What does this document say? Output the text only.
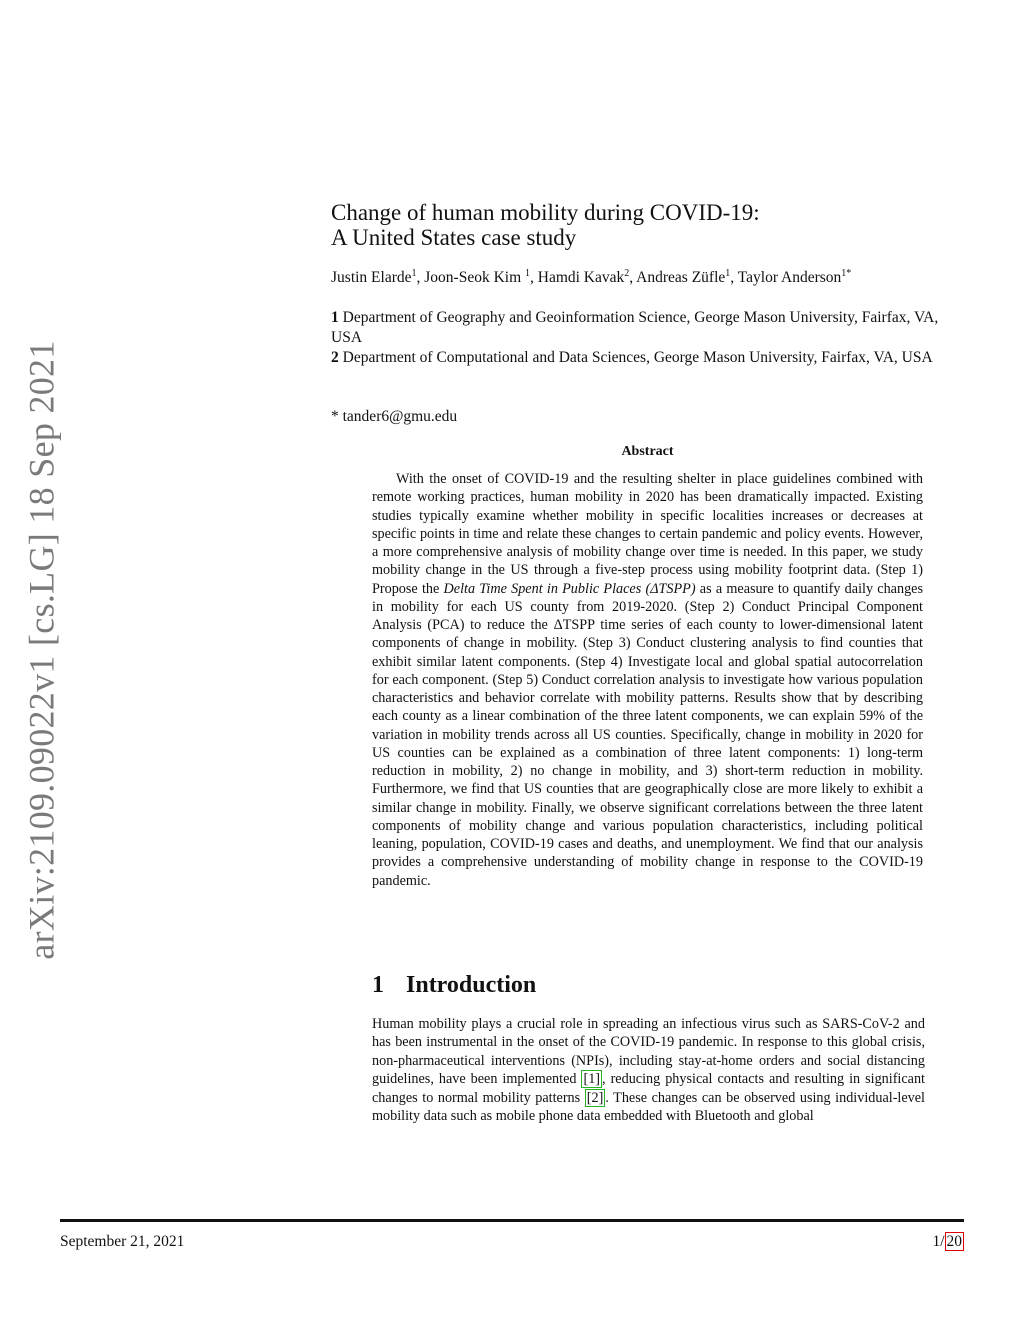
arXiv:2109.09022v1 [cs.LG] 18 Sep 2021
Change of human mobility during COVID-19:
A United States case study
Justin Elarde$^1$, Joon-Seok Kim $^1$, Hamdi Kavak$^2$, Andreas Züfle$^1$, Taylor Anderson$^{1*}$
1 Department of Geography and Geoinformation Science, George Mason University, Fairfax, VA, USA
2 Department of Computational and Data Sciences, George Mason University, Fairfax, VA, USA
* tander6@gmu.edu
Abstract
With the onset of COVID-19 and the resulting shelter in place guidelines combined with remote working practices, human mobility in 2020 has been dramatically impacted. Existing studies typically examine whether mobility in specific localities increases or decreases at specific points in time and relate these changes to certain pandemic and policy events. However, a more comprehensive analysis of mobility change over time is needed. In this paper, we study mobility change in the US through a five-step process using mobility footprint data. (Step 1) Propose the Delta Time Spent in Public Places (ΔTSPP) as a measure to quantify daily changes in mobility for each US county from 2019-2020. (Step 2) Conduct Principal Component Analysis (PCA) to reduce the ΔTSPP time series of each county to lower-dimensional latent components of change in mobility. (Step 3) Conduct clustering analysis to find counties that exhibit similar latent components. (Step 4) Investigate local and global spatial autocorrelation for each component. (Step 5) Conduct correlation analysis to investigate how various population characteristics and behavior correlate with mobility patterns. Results show that by describing each county as a linear combination of the three latent components, we can explain 59% of the variation in mobility trends across all US counties. Specifically, change in mobility in 2020 for US counties can be explained as a combination of three latent components: 1) long-term reduction in mobility, 2) no change in mobility, and 3) short-term reduction in mobility. Furthermore, we find that US counties that are geographically close are more likely to exhibit a similar change in mobility. Finally, we observe significant correlations between the three latent components of mobility change and various population characteristics, including political leaning, population, COVID-19 cases and deaths, and unemployment. We find that our analysis provides a comprehensive understanding of mobility change in response to the COVID-19 pandemic.
1 Introduction
Human mobility plays a crucial role in spreading an infectious virus such as SARS-CoV-2 and has been instrumental in the onset of the COVID-19 pandemic. In response to this global crisis, non-pharmaceutical interventions (NPIs), including stay-at-home orders and social distancing guidelines, have been implemented [1] , reducing physical contacts and resulting in significant changes to normal mobility patterns [2] . These changes can be observed using individual-level mobility data such as mobile phone data embedded with Bluetooth and global
September 21, 2021	1/ 20
